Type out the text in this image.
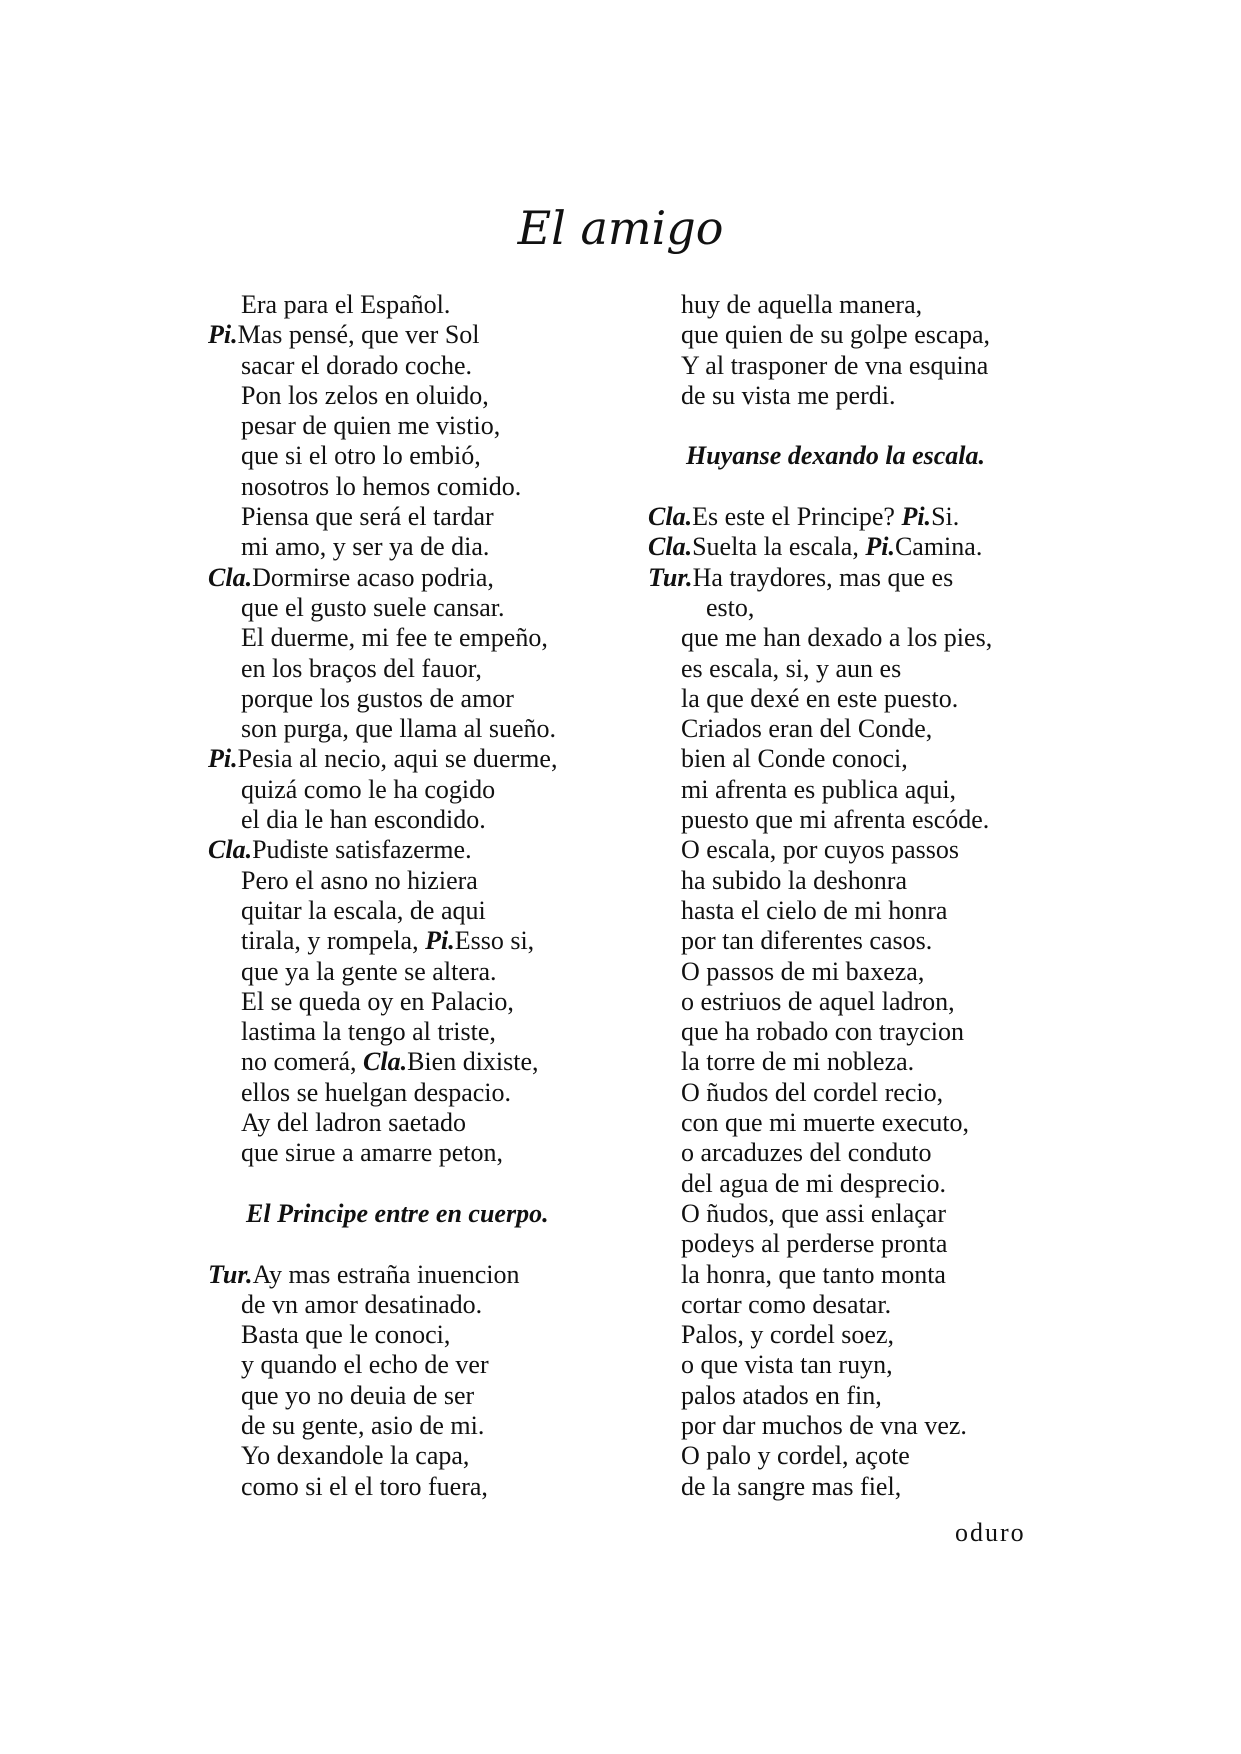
El amigo
Era para el Español.
Pi.Mas pensé, que ver Sol
sacar el dorado coche.
Pon los zelos en oluido,
pesar de quien me vistio,
que si el otro lo embió,
nosotros lo hemos comido.
Piensa que será el tardar
mi amo, y ser ya de dia.
Cla.Dormirse acaso podria,
que el gusto suele cansar.
El duerme, mi fee te empeño,
en los braços del fauor,
porque los gustos de amor
son purga, que llama al sueño.
Pi.Pesia al necio, aqui se duerme,
quizá como le ha cogido
el dia le han escondido.
Cla.Pudiste satisfazerme.
Pero el asno no hiziera
quitar la escala, de aqui
tirala, y rompela, Pi.Esso si,
que ya la gente se altera.
El se queda oy en Palacio,
lastima la tengo al triste,
no comerá, Cla.Bien dixiste,
ellos se huelgan despacio.
Ay del ladron saetado
que sirue a amarre peton,
El Principe entre en cuerpo.
Tur.Ay mas estraña inuencion
de vn amor desatinado.
Basta que le conoci,
y quando el echo de ver
que yo no deuia de ser
de su gente, asio de mi.
Yo dexandole la capa,
como si el el toro fuera,
huy de aquella manera,
que quien de su golpe escapa,
Y al trasponer de vna esquina
de su vista me perdi.
Huyanse dexando la escala.
Cla.Es este el Principe? Pi.Si.
Cla.Suelta la escala, Pi.Camina.
Tur.Ha traydores, mas que es
esto,
que me han dexado a los pies,
es escala, si, y aun es
la que dexé en este puesto.
Criados eran del Conde,
bien al Conde conoci,
mi afrenta es publica aqui,
puesto que mi afrenta escóde.
O escala, por cuyos passos
ha subido la deshonra
hasta el cielo de mi honra
por tan diferentes casos.
O passos de mi baxeza,
o estriuos de aquel ladron,
que ha robado con traycion
la torre de mi nobleza.
O ñudos del cordel recio,
con que mi muerte executo,
o arcaduzes del conduto
del agua de mi desprecio.
O ñudos, que assi enlaçar
podeys al perderse pronta
la honra, que tanto monta
cortar como desatar.
Palos, y cordel soez,
o que vista tan ruyn,
palos atados en fin,
por dar muchos de vna vez.
O palo y cordel, açote
de la sangre mas fiel,
oduro
